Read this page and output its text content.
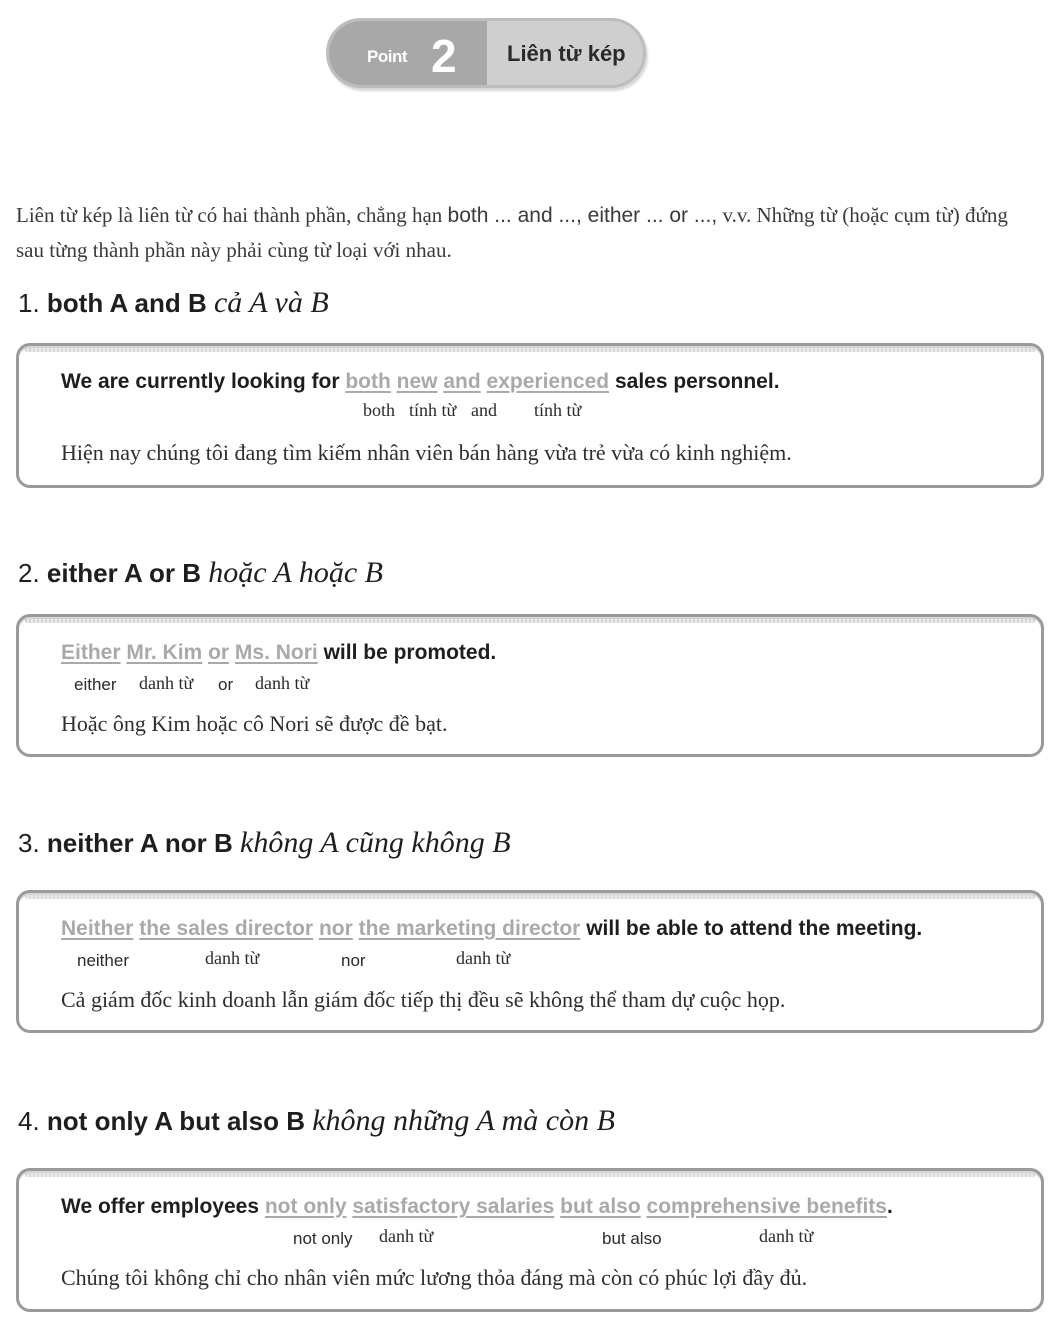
Point 2 Liên từ kép
Liên từ kép là liên từ có hai thành phần, chẳng hạn both ... and ..., either ... or ..., v.v. Những từ (hoặc cụm từ) đứng sau từng thành phần này phải cùng từ loại với nhau.
1. both A and B cả A và B
We are currently looking for both new and experienced sales personnel.
both tính từ and tính từ
Hiện nay chúng tôi đang tìm kiếm nhân viên bán hàng vừa trẻ vừa có kinh nghiệm.
2. either A or B hoặc A hoặc B
Either Mr. Kim or Ms. Nori will be promoted.
either danh từ or danh từ
Hoặc ông Kim hoặc cô Nori sẽ được đề bạt.
3. neither A nor B không A cũng không B
Neither the sales director nor the marketing director will be able to attend the meeting.
neither	danh từ	nor	danh từ
Cả giám đốc kinh doanh lẫn giám đốc tiếp thị đều sẽ không thể tham dự cuộc họp.
4. not only A but also B không những A mà còn B
We offer employees not only satisfactory salaries but also comprehensive benefits.
not only danh từ	but also	danh từ
Chúng tôi không chỉ cho nhân viên mức lương thỏa đáng mà còn có phúc lợi đầy đủ.
